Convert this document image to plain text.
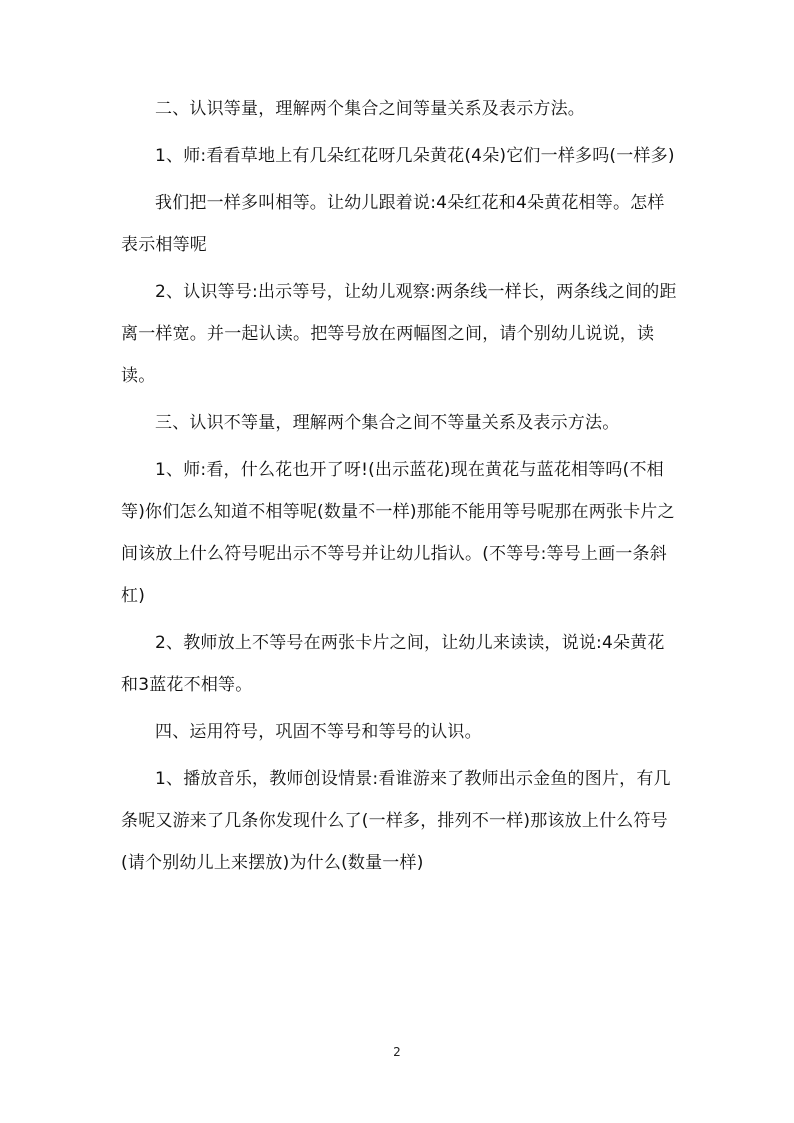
二、认识等量，理解两个集合之间等量关系及表示方法。

1、师:看看草地上有几朵红花呀几朵黄花(4朵)它们一样多吗(一样多)

我们把一样多叫相等。让幼儿跟着说:4朵红花和4朵黄花相等。怎样表示相等呢

2、认识等号:出示等号，让幼儿观察:两条线一样长，两条线之间的距离一样宽。并一起认读。把等号放在两幅图之间，请个别幼儿说说，读读。

三、认识不等量，理解两个集合之间不等量关系及表示方法。

1、师:看，什么花也开了呀!(出示蓝花)现在黄花与蓝花相等吗(不相等)你们怎么知道不相等呢(数量不一样)那能不能用等号呢那在两张卡片之间该放上什么符号呢出示不等号并让幼儿指认。(不等号:等号上画一条斜杠)

2、教师放上不等号在两张卡片之间，让幼儿来读读，说说:4朵黄花和3蓝花不相等。

四、运用符号，巩固不等号和等号的认识。

1、播放音乐，教师创设情景:看谁游来了教师出示金鱼的图片，有几条呢又游来了几条你发现什么了(一样多，排列不一样)那该放上什么符号(请个别幼儿上来摆放)为什么(数量一样)

2
